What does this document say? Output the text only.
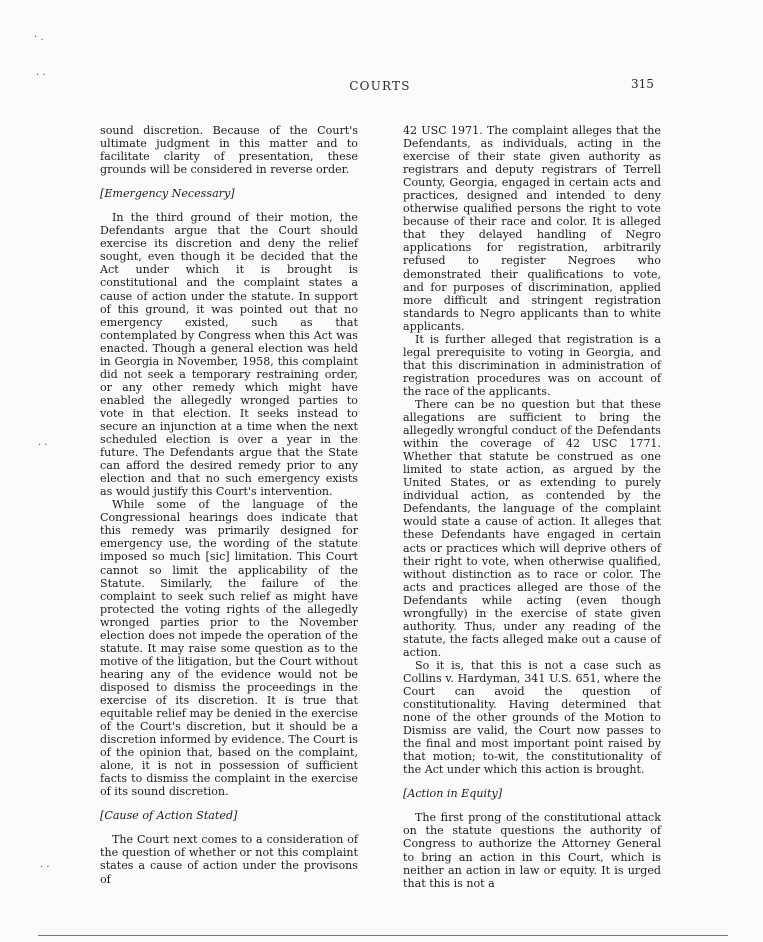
COURTS	315
· .
· ·
· ·
· ·

sound discretion. Because of the Court's ultimate judgment in this matter and to facilitate clarity of presentation, these grounds will be considered in reverse order.

[Emergency Necessary]

In the third ground of their motion, the Defendants argue that the Court should exercise its discretion and deny the relief sought, even though it be decided that the Act under which it is brought is constitutional and the complaint states a cause of action under the statute. In support of this ground, it was pointed out that no emergency existed, such as that contemplated by Congress when this Act was enacted. Though a general election was held in Georgia in November, 1958, this complaint did not seek a temporary restraining order, or any other remedy which might have enabled the allegedly wronged parties to vote in that election. It seeks instead to secure an injunction at a time when the next scheduled election is over a year in the future. The Defendants argue that the State can afford the desired remedy prior to any election and that no such emergency exists as would justify this Court's intervention.

While some of the language of the Congressional hearings does indicate that this remedy was primarily designed for emergency use, the wording of the statute imposed so much [sic] limitation. This Court cannot so limit the applicability of the Statute. Similarly, the failure of the complaint to seek such relief as might have protected the voting rights of the allegedly wronged parties prior to the November election does not impede the operation of the statute. It may raise some question as to the motive of the litigation, but the Court without hearing any of the evidence would not be disposed to dismiss the proceedings in the exercise of its discretion. It is true that equitable relief may be denied in the exercise of the Court's discretion, but it should be a discretion informed by evidence. The Court is of the opinion that, based on the complaint, alone, it is not in possession of sufficient facts to dismiss the complaint in the exercise of its sound discretion.

[Cause of Action Stated]

The Court next comes to a consideration of the question of whether or not this complaint states a cause of action under the provisons of

42 USC 1971. The complaint alleges that the Defendants, as individuals, acting in the exercise of their state given authority as registrars and deputy registrars of Terrell County, Georgia, engaged in certain acts and practices, designed and intended to deny otherwise qualified persons the right to vote because of their race and color. It is alleged that they delayed handling of Negro applications for registration, arbitrarily refused to register Negroes who demonstrated their qualifications to vote, and for purposes of discrimination, applied more difficult and stringent registration standards to Negro applicants than to white applicants.

It is further alleged that registration is a legal prerequisite to voting in Georgia, and that this discrimination in administration of registration procedures was on account of the race of the applicants.

There can be no question but that these allegations are sufficient to bring the allegedly wrongful conduct of the Defendants within the coverage of 42 USC 1771. Whether that statute be construed as one limited to state action, as argued by the United States, or as extending to purely individual action, as contended by the Defendants, the language of the complaint would state a cause of action. It alleges that these Defendants have engaged in certain acts or practices which will deprive others of their right to vote, when otherwise qualified, without distinction as to race or color. The acts and practices alleged are those of the Defendants while acting (even though wrongfully) in the exercise of state given authority. Thus, under any reading of the statute, the facts alleged make out a cause of action.

So it is, that this is not a case such as Collins v. Hardyman, 341 U.S. 651, where the Court can avoid the question of constitutionality. Having determined that none of the other grounds of the Motion to Dismiss are valid, the Court now passes to the final and most important point raised by that motion; to-wit, the constitutionality of the Act under which this action is brought.

[Action in Equity]

The first prong of the constitutional attack on the statute questions the authority of Congress to authorize the Attorney General to bring an action in this Court, which is neither an action in law or equity. It is urged that this is not a
